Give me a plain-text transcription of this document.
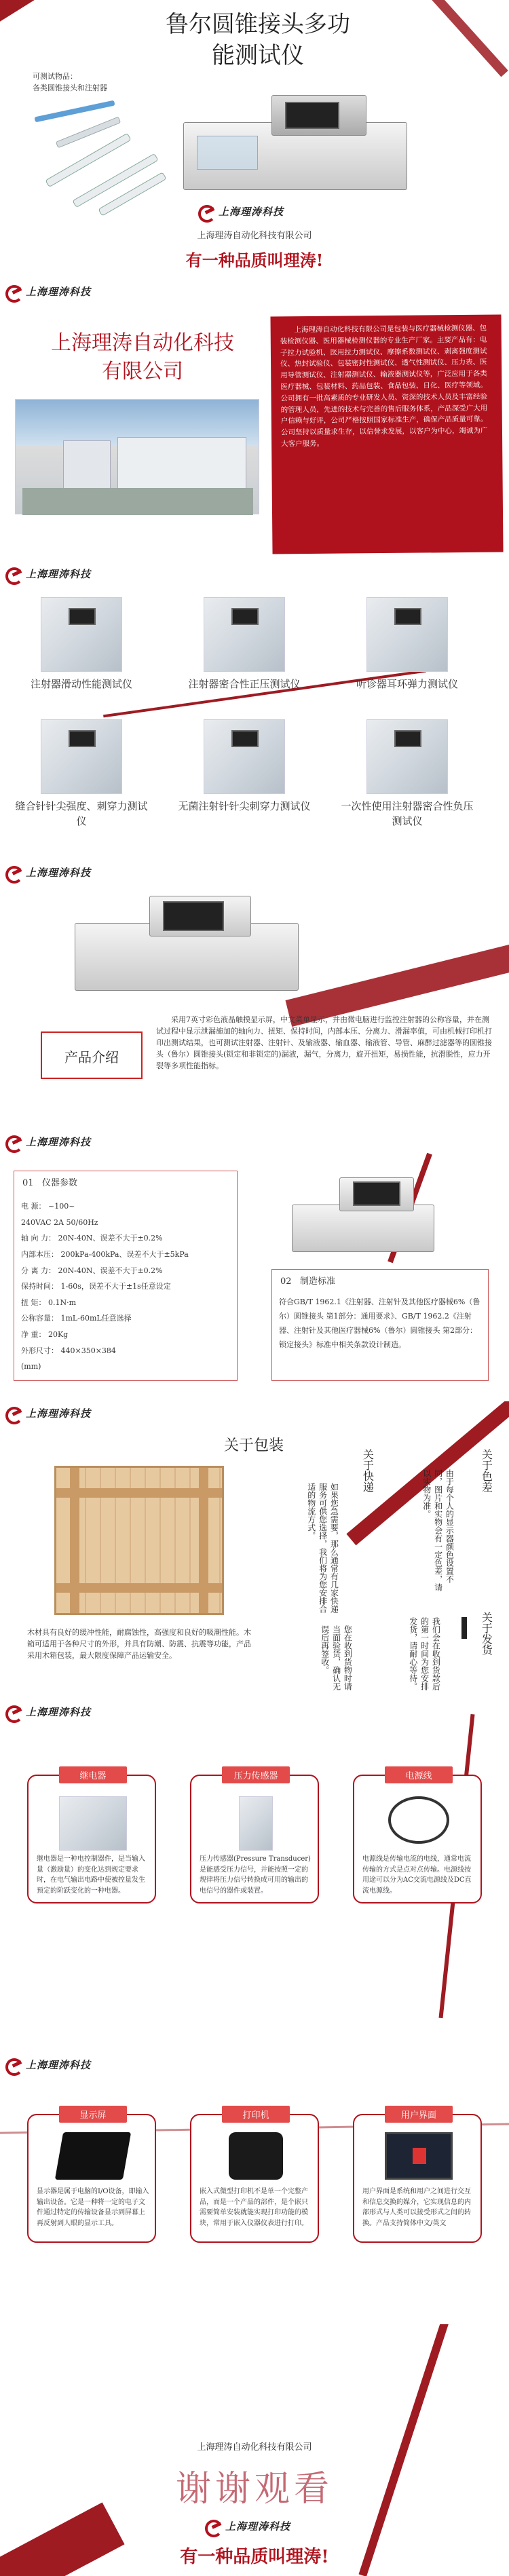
鲁尔圆锥接头多功
能测试仪
可测试物品：
各类圆锥接头和注射器
上海理涛科技
上海理涛自动化科技有限公司
有一种品质叫理涛!
上海理涛科技
上海理涛自动化科技
有限公司
上海理涛自动化科技有限公司是包装与医疗器械检测仪器、包装检测仪器、医用器械检测仪器的专业生产厂家。主要产品有：电子拉力试验机、医用拉力测试仪、摩擦系数测试仪、剥离强度测试仪、热封试验仪、包装密封性测试仪、透气性测试仪、压力表、医用导管测试仪、注射器测试仪、输液器测试仪等，广泛应用于各类医疗器械、包装材料、药品包装、食品包装、日化、医疗等领域。公司拥有一批高素质的专业研发人员、资深的技术人员及丰富经验的管理人员，先进的技术与完善的售后服务体系，产品深受广大用户信赖与好评，公司严格按照国家标准生产，确保产品质量可靠。公司坚持以质量求生存，以信誉求发展，以客户为中心，竭诚为广大客户服务。
上海理涛科技
注射器滑动性能测试仪	注射器密合性正压测试仪	听诊器耳环弹力测试仪
缝合针针尖强度、刺穿力测试仪
无菌注射针针尖刺穿力测试仪	一次性使用注射器密合性负压测试仪
上海理涛科技
产品介绍
采用7英寸彩色液晶触摸显示屏，中文菜单显示，并由微电脑进行监控注射器的公称容量，并在测试过程中显示泄漏施加的轴向力、扭矩、保持时间，内部本压、分离力、滑漏率值，可由机械打印机打印出测试结果，也可测试注射器、注射针、及输液器、输血器、输液管、导管、麻醉过滤器等的圆锥接头（鲁尔）圆锥接头(锁定和非锁定的)漏液，漏气，分离力，旋开扭矩，易损性能，抗滑脱性，应力开裂等多项性能指标。
上海理涛科技
01 仪器参数
电 源： ~100~
240VAC 2A 50/60Hz
轴 向 力： 20N-40N、误差不大于±0.2%
内部本压： 200kPa-400kPa、误差不大于±5kPa
分 离 力： 20N-40N、误差不大于±0.2%
保持时间： 1-60s，误差不大于±1s任意设定
扭 矩： 0.1N·m
公称容量： 1mL-60mL任意选择
净 重： 20Kg
外形尺寸： 440×350×384
(mm)
02 制造标准
符合GB/T 1962.1《注射器、注射针及其他医疗器械6%（鲁尔）圆锥接头 第1部分：通用要求》、GB/T 1962.2《注射器、注射针及其他医疗器械6%（鲁尔）圆锥接头 第2部分：锁定接头》标准中相关条款设计制造。
上海理涛科技
关于包装
木材具有良好的缓冲性能，耐腐蚀性，高强度和良好的吸潮性能。木箱可适用于各种尺寸的外形，并具有防潮、防震、抗震等功能，产品采用木箱包装，最大限度保障产品运输安全。
关于快递
如果您急需要，那么通常有几家快递服务可供您选择，我们将为您安排合适的物流方式。
关于色差
由于每个人的显示器颜色设置不同，图片和实物会有一定色差，请以实物为准。
关于发货
我们会在收到货款后的第一时间为您安排发货，请耐心等待。
您在收到货物时请当面验货，确认无误后再签收。
上海理涛科技
继电器
继电器是一种电控制器件，是当输入量（激励量）的变化达到规定要求时，在电气输出电路中使被控量发生预定的阶跃变化的一种电器。
压力传感器
压力传感器(Pressure Transducer)是能感受压力信号，并能按照一定的规律将压力信号转换成可用的输出的电信号的器件或装置。
电源线
电源线是传输电流的电线，通常电流传输的方式是点对点传输。电源线按用途可以分为AC交流电源线及DC直流电源线。
上海理涛科技
显示屏
显示器是属于电脑的I/O设备，即输入输出设备。它是一种将一定的电子文件通过特定的传输设备显示到屏幕上再反射到人眼的显示工具。
打印机
嵌入式微型打印机不是单一个完整产品，而是一个产品的部件，是个嵌只需要简单安装就能实现打印功能的模块，常用于嵌入仪器仪表进行打印。
用户界面
用户界面是系统和用户之间进行交互和信息交换的媒介，它实现信息的内部形式与人类可以接受形式之间的转换。产品支持简体中文/英文
上海理涛自动化科技有限公司
谢谢观看
上海理涛科技
有一种品质叫理涛!
